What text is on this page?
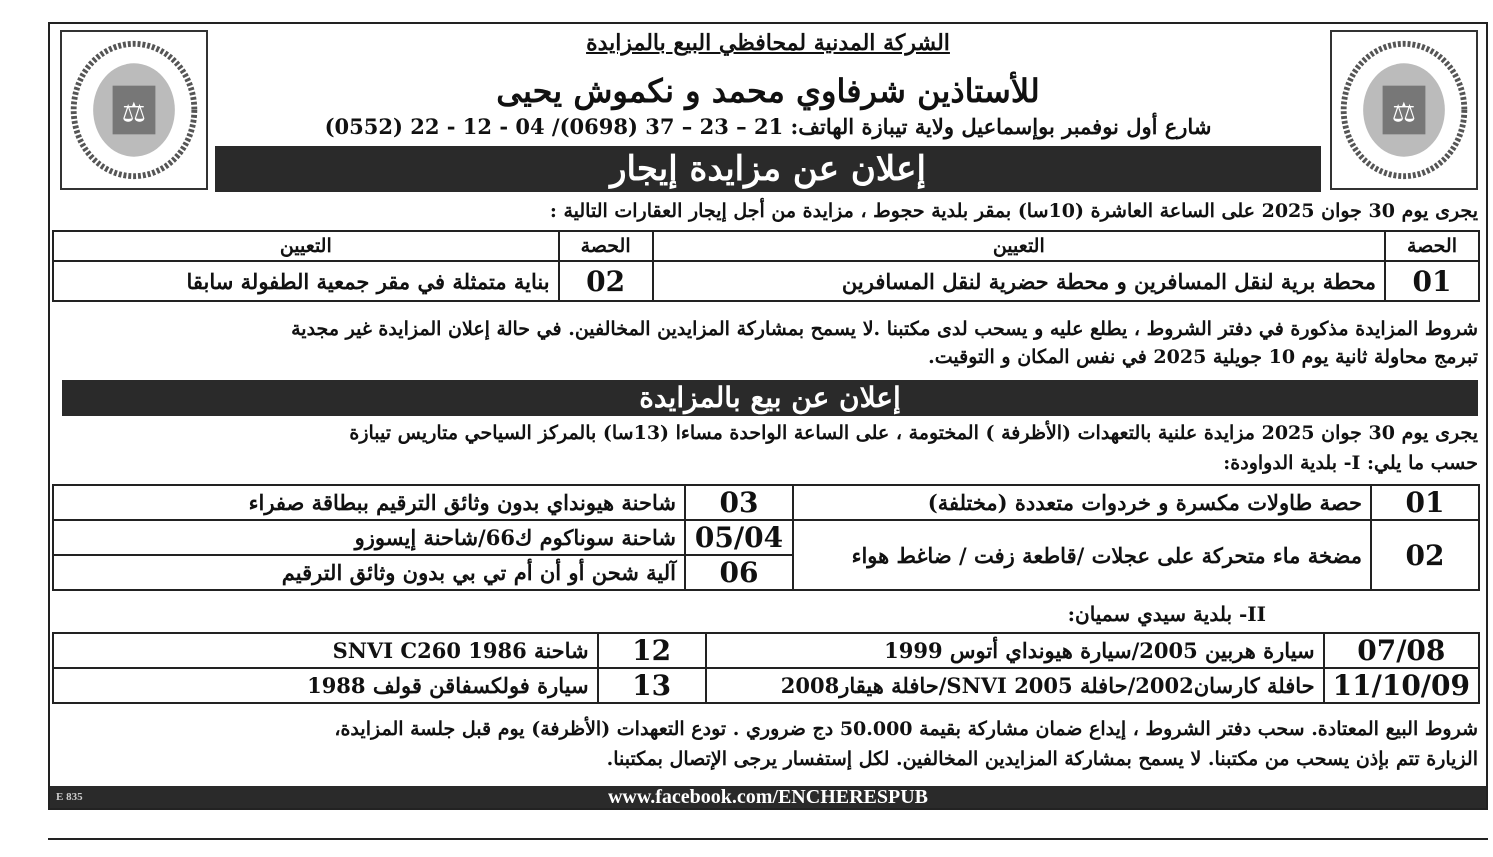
⚖	⚖
الشركة المدنية لمحافظي البيع بالمزايدة
للأستاذين شرفاوي محمد و نكموش يحيى
شارع أول نوفمبر بوإسماعيل ولاية تيبازة الهاتف: 21 – 23 – 37 (0698)/ 04 - 12 - 22 (0552)
إعلان عن مزايدة إيجار
يجرى يوم 30 جوان 2025 على الساعة العاشرة (10سا) بمقر بلدية حجوط ، مزايدة من أجل إيجار العقارات التالية :
الحصة	التعيين	الحصة	التعيين
01	محطة برية لنقل المسافرين و محطة حضرية لنقل المسافرين	02	بناية متمثلة في مقر جمعية الطفولة سابقا
شروط المزايدة مذكورة في دفتر الشروط ، يطلع عليه و يسحب لدى مكتبنا .لا يسمح بمشاركة المزايدين المخالفين. في حالة إعلان المزايدة غير مجدية
تبرمج محاولة ثانية يوم 10 جويلية 2025 في نفس المكان و التوقيت.
إعلان عن بيع بالمزايدة
يجرى يوم 30 جوان 2025 مزايدة علنية بالتعهدات (الأظرفة ) المختومة ، على الساعة الواحدة مساءا (13سا) بالمركز السياحي متاريس تيبازة
حسب ما يلي: I- بلدية الدواودة:
01	حصة طاولات مكسرة و خردوات متعددة (مختلفة)	03	شاحنة هيونداي بدون وثائق الترقيم ببطاقة صفراء
02	مضخة ماء متحركة على عجلات /قاطعة زفت / ضاغط هواء	05/04	شاحنة سوناكوم ك66/شاحنة إيسوزو
		06	آلية شحن أو أن أم تي بي بدون وثائق الترقيم
II- بلدية سيدي سميان:
07/08	سيارة هربين 2005/سيارة هيونداي أتوس 1999	12	شاحنة SNVI C260 1986
11/10/09	حافلة كارسان2002/حافلة SNVI 2005/حافلة هيقار2008	13	سيارة فولكسفاقن قولف 1988
شروط البيع المعتادة. سحب دفتر الشروط ، إيداع ضمان مشاركة بقيمة 50.000 دج ضروري . تودع التعهدات (الأظرفة) يوم قبل جلسة المزايدة،
الزيارة تتم بإذن يسحب من مكتبنا. لا يسمح بمشاركة المزايدين المخالفين. لكل إستفسار يرجى الإتصال بمكتبنا.
www.facebook.com/ENCHERESPUB
E 835
